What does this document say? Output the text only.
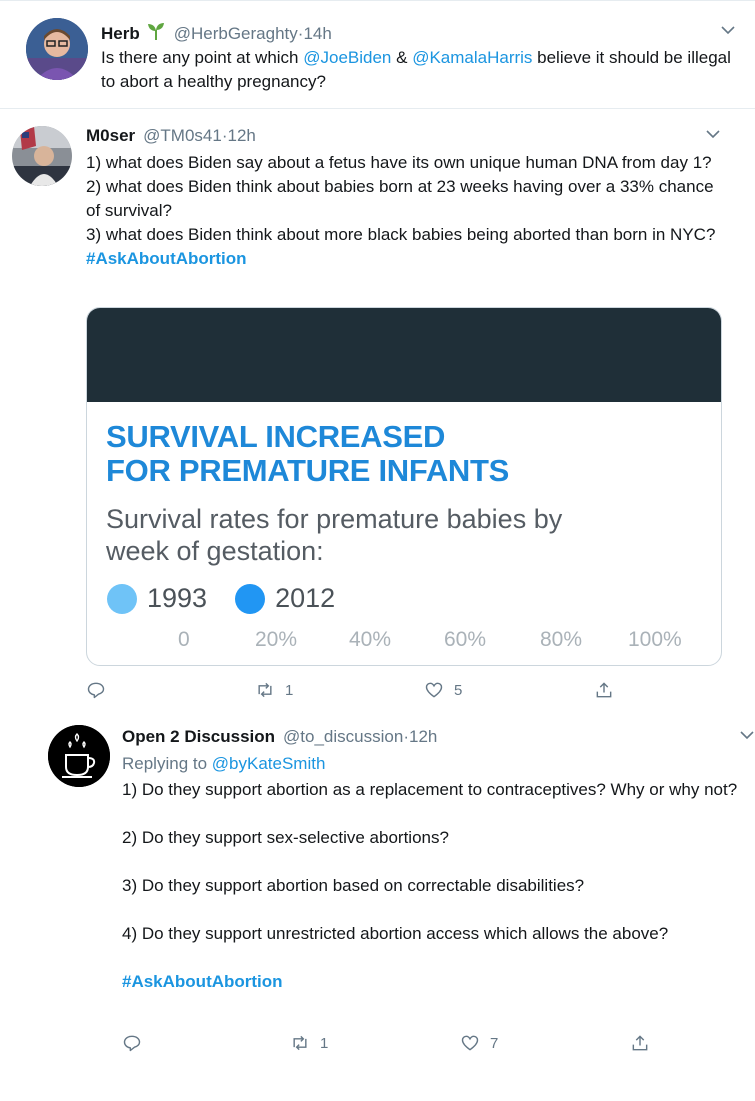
Herb @HerbGeraghty · 14h
Is there any point at which @JoeBiden & @KamalaHarris believe it should be illegal to abort a healthy pregnancy?
M0ser @TM0s41 · 12h
1) what does Biden say about a fetus have its own unique human DNA from day 1?
2) what does Biden think about babies born at 23 weeks having over a 33% chance of survival?
3) what does Biden think about more black babies being aborted than born in NYC? #AskAboutAbortion
SURVIVAL INCREASED
FOR PREMATURE INFANTS
Survival rates for premature babies by
week of gestation:
1993	2012
0	20% 40%	60%	80% 100%
1	5
Open 2 Discussion @to_discussion · 12h
Replying to @byKateSmith
1) Do they support abortion as a replacement to contraceptives? Why or why not?

2) Do they support sex-selective abortions?

3) Do they support abortion based on correctable disabilities?

4) Do they support unrestricted abortion access which allows the above?

#AskAboutAbortion
1	7
